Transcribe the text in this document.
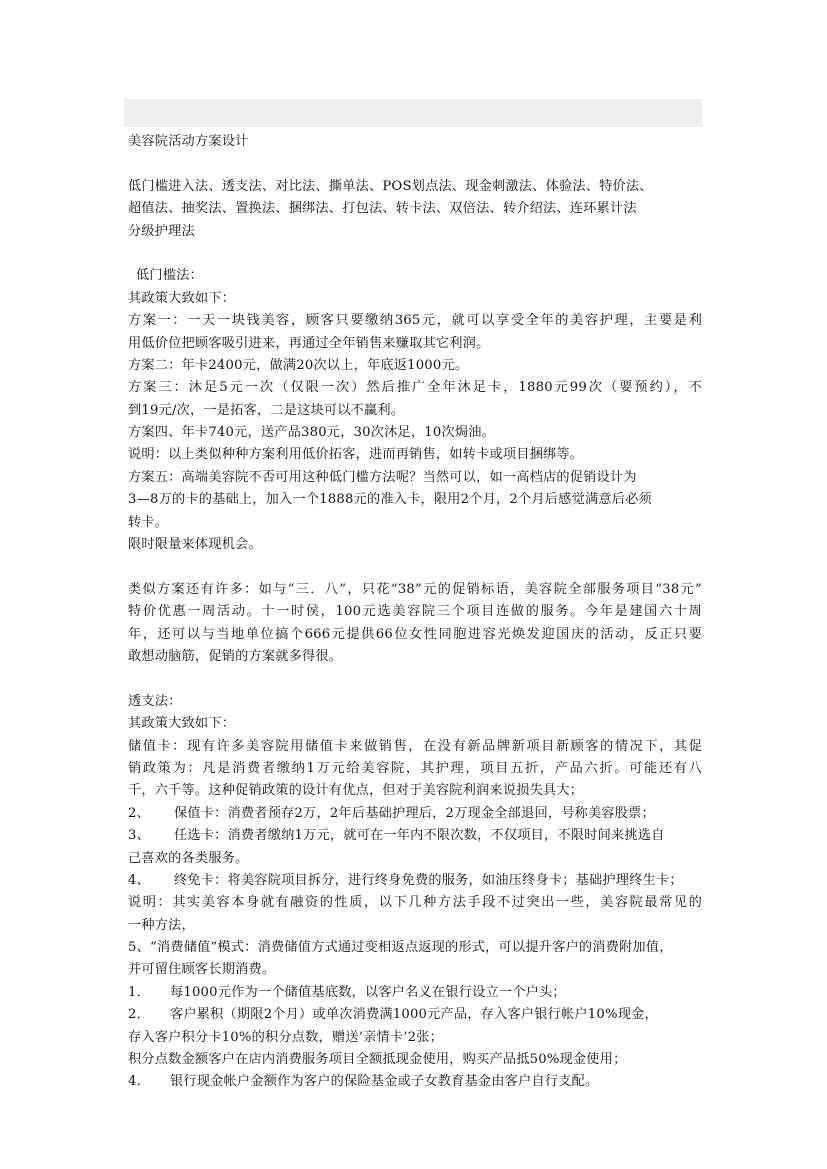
美容院活动方案设计
低门槛进入法、透支法、对比法、撕单法、POS划点法、现金刺激法、体验法、特价法、
超值法、抽奖法、置换法、捆绑法、打包法、转卡法、双倍法、转介绍法、连环累计法
分级护理法
低门槛法：
其政策大致如下：
方案一：一天一块钱美容，顾客只要缴纳365元，就可以享受全年的美容护理，主要是利
用低价位把顾客吸引进来，再通过全年销售来赚取其它利润。
方案二：年卡2400元，做满20次以上，年底返1000元。
方案三：沐足5元一次（仅限一次）然后推广全年沐足卡，1880元99次（要预约），不
到19元/次，一是拓客，二是这块可以不赢利。
方案四、年卡740元，送产品380元，30次沐足，10次焗油。
说明：以上类似种种方案利用低价拓客，进而再销售，如转卡或项目捆绑等。
方案五：高端美容院不否可用这种低门槛方法呢？当然可以，如一高档店的促销设计为
3—8万的卡的基础上，加入一个1888元的准入卡，限用2个月，2个月后感觉满意后必须
转卡。
限时限量来体现机会。
类似方案还有许多：如与“三．八”，只花“38”元的促销标语，美容院全部服务项目“38元”
特价优惠一周活动。十一时侯，100元选美容院三个项目连做的服务。今年是建国六十周
年，还可以与当地单位搞个666元提供66位女性同胞进容光焕发迎国庆的活动，反正只要
敢想动脑筋，促销的方案就多得很。
透支法：
其政策大致如下：
储值卡：现有许多美容院用储值卡来做销售，在没有新品牌新项目新顾客的情况下，其促
销政策为：凡是消费者缴纳1万元给美容院，其护理，项目五折，产品六折。可能还有八
千，六千等。这种促销政策的设计有优点，但对于美容院利润来说损失具大；
2、 保值卡：消费者预存2万，2年后基础护理后，2万现金全部退回，号称美容股票；
3、 任选卡：消费者缴纳1万元，就可在一年内不限次数，不仅项目，不限时间来挑选自
己喜欢的各类服务。
4、 终免卡：将美容院项目拆分，进行终身免费的服务，如油压终身卡；基础护理终生卡；
说明：其实美容本身就有融资的性质，以下几种方法手段不过突出一些，美容院最常见的
一种方法，
5、“消费储值”模式：消费储值方式通过变相返点返现的形式，可以提升客户的消费附加值，
并可留住顾客长期消费。
1． 每1000元作为一个储值基底数，以客户名义在银行设立一个户头；
2． 客户累积（期限2个月）或单次消费满1000元产品，存入客户银行帐户10%现金，
存入客户积分卡10%的积分点数，赠送‘亲情卡’2张；
积分点数金额客户在店内消费服务项目全额抵现金使用，购买产品抵50%现金使用；
4． 银行现金帐户金额作为客户的保险基金或子女教育基金由客户自行支配。
